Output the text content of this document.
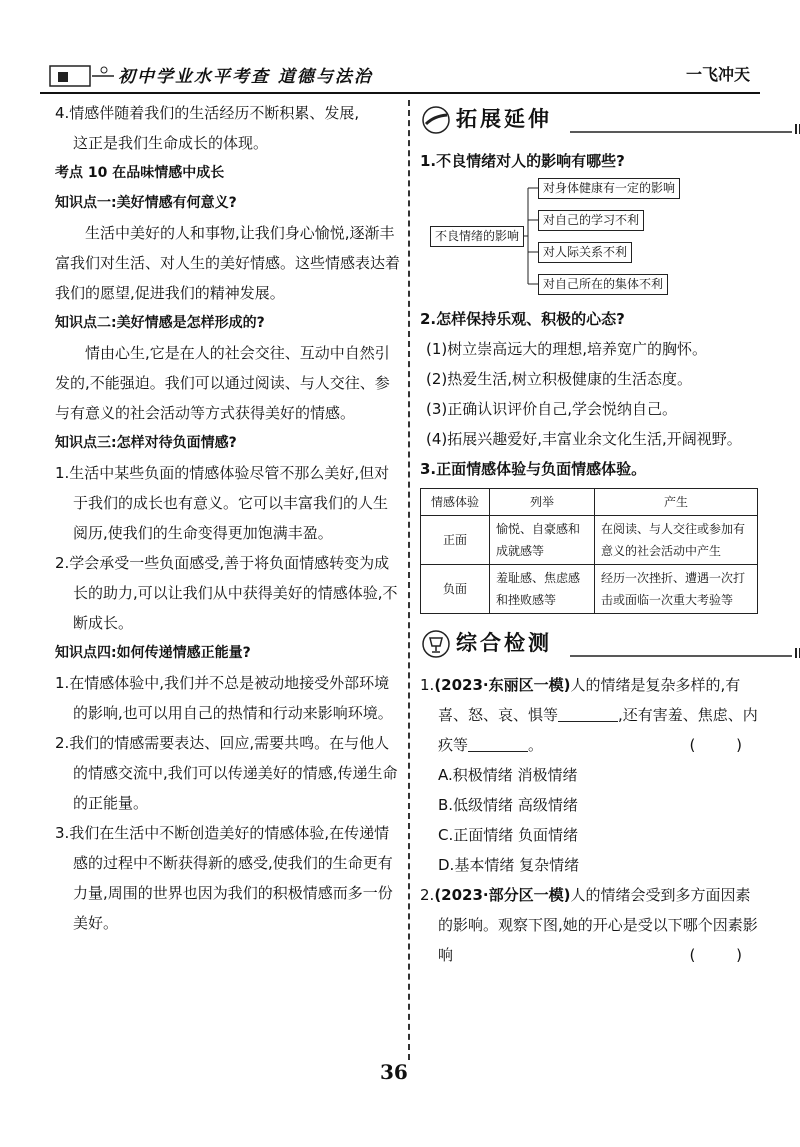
初中学业水平考查 道德与法治	一飞冲天

4.情感伴随着我们的生活经历不断积累、发展,

这正是我们生命成长的体现。

考点 10 在品味情感中成长

知识点一:美好情感有何意义?

生活中美好的人和事物,让我们身心愉悦,逐渐丰富我们对生活、对人生的美好情感。这些情感表达着我们的愿望,促进我们的精神发展。

知识点二:美好情感是怎样形成的?

情由心生,它是在人的社会交往、互动中自然引发的,不能强迫。我们可以通过阅读、与人交往、参与有意义的社会活动等方式获得美好的情感。

知识点三:怎样对待负面情感?

1.生活中某些负面的情感体验尽管不那么美好,但对于我们的成长也有意义。它可以丰富我们的人生阅历,使我们的生命变得更加饱满丰盈。

2.学会承受一些负面感受,善于将负面情感转变为成长的助力,可以让我们从中获得美好的情感体验,不断成长。

知识点四:如何传递情感正能量?

1.在情感体验中,我们并不总是被动地接受外部环境的影响,也可以用自己的热情和行动来影响环境。

2.我们的情感需要表达、回应,需要共鸣。在与他人的情感交流中,我们可以传递美好的情感,传递生命的正能量。

3.我们在生活中不断创造美好的情感体验,在传递情感的过程中不断获得新的感受,使我们的生命更有力量,周围的世界也因为我们的积极情感而多一份美好。

拓展延伸

1.不良情绪对人的影响有哪些?

不良情绪的影响
对身体健康有一定的影响
对自己的学习不利
对人际关系不利
对自己所在的集体不利

2.怎样保持乐观、积极的心态?

(1)树立崇高远大的理想,培养宽广的胸怀。

(2)热爱生活,树立积极健康的生活态度。

(3)正确认识评价自己,学会悦纳自己。

(4)拓展兴趣爱好,丰富业余文化生活,开阔视野。

3.正面情感体验与负面情感体验。

情感体验	列举	产生
正面	愉悦、自豪感和成就感等	在阅读、与人交往或参加有意义的社会活动中产生
负面	羞耻感、焦虑感和挫败感等	经历一次挫折、遭遇一次打击或面临一次重大考验等
综合检测

1.(2023·东丽区一模)人的情绪是复杂多样的,有喜、怒、哀、惧等	,还有害羞、焦虑、内疚等	。	( )

A.积极情绪 消极情绪

B.低级情绪 高级情绪

C.正面情绪 负面情绪

D.基本情绪 复杂情绪

2.(2023·部分区一模)人的情绪会受到多方面因素的影响。观察下图,她的开心是受以下哪个因素影响	( )

36
